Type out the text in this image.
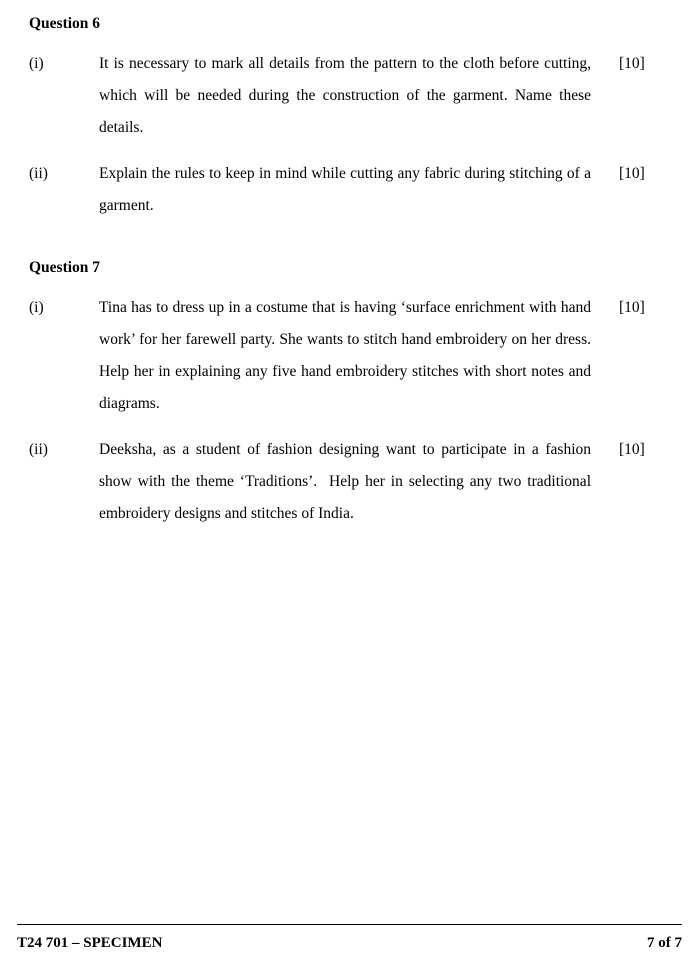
Question 6
(i)	It is necessary to mark all details from the pattern to the cloth before cutting, which will be needed during the construction of the garment. Name these details.
[10]
(ii)	Explain the rules to keep in mind while cutting any fabric during stitching of a garment.
[10]
Question 7
(i)	Tina has to dress up in a costume that is having ‘surface enrichment with hand work’ for her farewell party. She wants to stitch hand embroidery on her dress. Help her in explaining any five hand embroidery stitches with short notes and diagrams.
[10]
(ii)	Deeksha, as a student of fashion designing want to participate in a fashion show with the theme ‘Traditions’.  Help her in selecting any two traditional embroidery designs and stitches of India.
[10]
T24 701 – SPECIMEN	7 of 7
